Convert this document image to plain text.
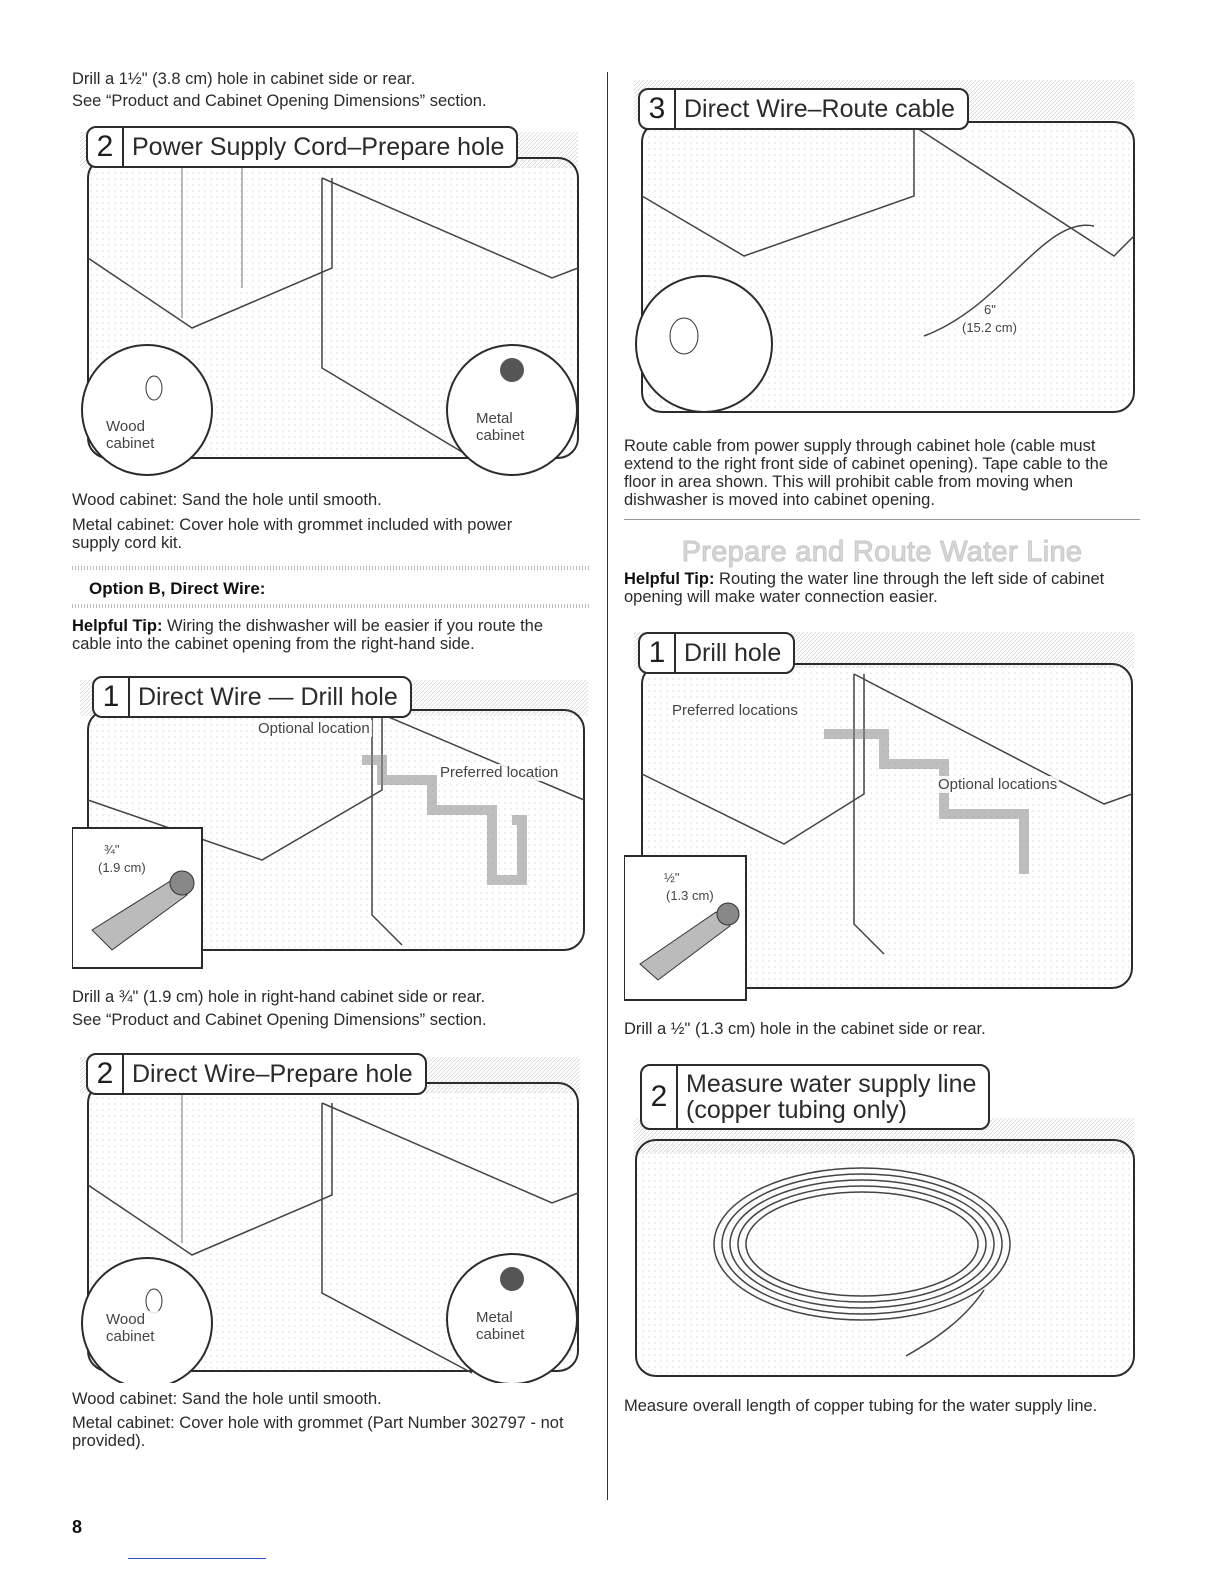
Drill a 1½" (3.8 cm) hole in cabinet side or rear.
See “Product and Cabinet Opening Dimensions” section.
2 Power Supply Cord–Prepare hole
Wood cabinet
Metal cabinet
Wood cabinet: Sand the hole until smooth.
Metal cabinet: Cover hole with grommet included with power supply cord kit.
Option B, Direct Wire:
Helpful Tip: Wiring the dishwasher will be easier if you route the cable into the cabinet opening from the right-hand side.
1 Direct Wire — Drill hole
Optional location
Preferred location
¾"
(1.9 cm)
Drill a ¾" (1.9 cm) hole in right-hand cabinet side or rear.
See “Product and Cabinet Opening Dimensions” section.
2 Direct Wire–Prepare hole
Wood cabinet
Metal cabinet
Wood cabinet: Sand the hole until smooth.
Metal cabinet: Cover hole with grommet (Part Number 302797 - not provided).
3 Direct Wire–Route cable
6"
(15.2 cm)
Route cable from power supply through cabinet hole (cable must extend to the right front side of cabinet opening). Tape cable to the floor in area shown. This will prohibit cable from moving when dishwasher is moved into cabinet opening.
Prepare and Route Water Line
Helpful Tip: Routing the water line through the left side of cabinet opening will make water connection easier.
1 Drill hole
Preferred locations
Optional locations
½"
(1.3 cm)
Drill a ½" (1.3 cm) hole in the cabinet side or rear.
2 Measure water supply line
(copper tubing only)
Measure overall length of copper tubing for the water supply line.
8
